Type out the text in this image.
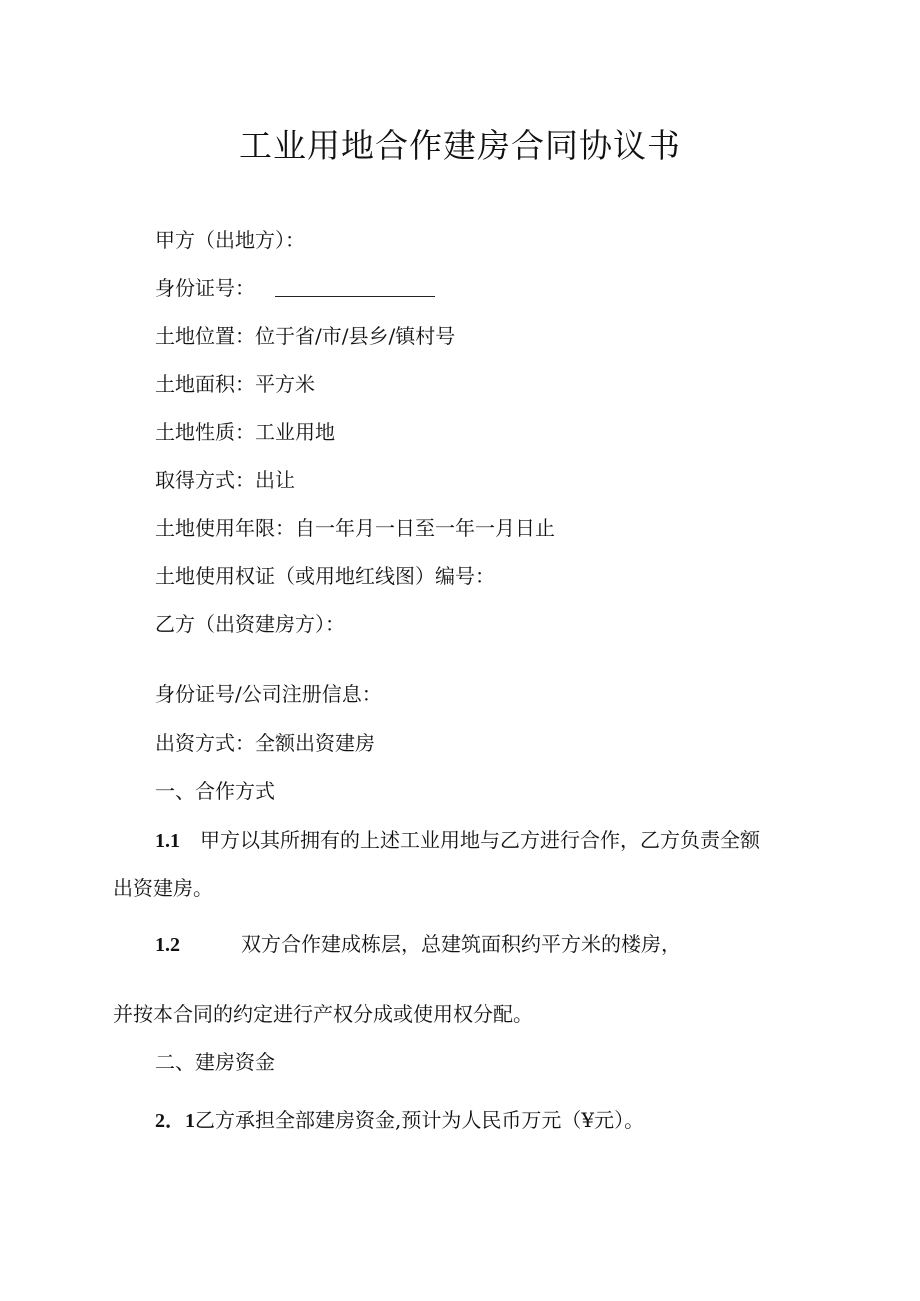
工业用地合作建房合同协议书
甲方（出地方）：
身份证号：
土地位置：位于省/市/县乡/镇村号
土地面积：平方米
土地性质：工业用地
取得方式：出让
土地使用年限：自一年月一日至一年一月日止
土地使用权证（或用地红线图）编号：
乙方（出资建房方）：
身份证号/公司注册信息：
出资方式：全额出资建房
一、合作方式
1.1 甲方以其所拥有的上述工业用地与乙方进行合作，乙方负责全额
出资建房。
1.2	双方合作建成栋层，总建筑面积约平方米的楼房，
并按本合同的约定进行产权分成或使用权分配。
二、建房资金
2．1乙方承担全部建房资金,预计为人民币万元（¥元）。
